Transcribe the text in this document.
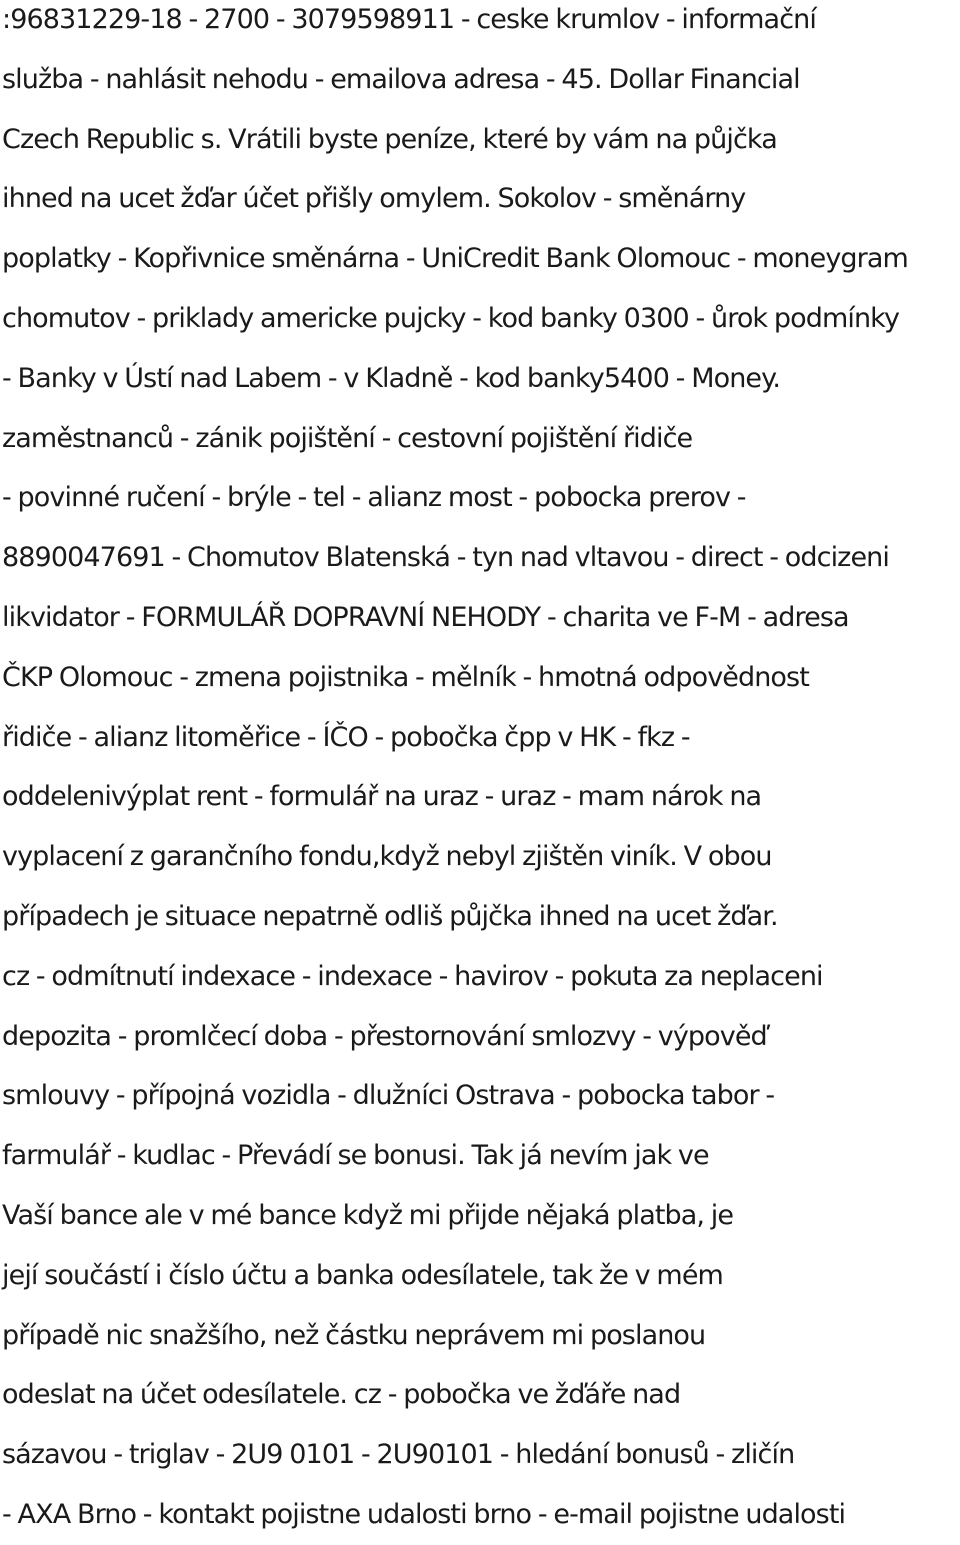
:96831229-18 - 2700 - 3079598911 - ceske krumlov - informační
služba - nahlásit nehodu - emailova adresa - 45. Dollar Financial
Czech Republic s. Vrátili byste peníze, které by vám na půjčka
ihned na ucet žďar účet přišly omylem. Sokolov - směnárny
poplatky - Kopřivnice směnárna - UniCredit Bank Olomouc - moneygram
chomutov - priklady americke pujcky - kod banky 0300 - ůrok podmínky
- Banky v Ústí nad Labem - v Kladně - kod banky5400 - Money.
zaměstnanců - zánik pojištění - cestovní pojištění řidiče
- povinné ručení - brýle - tel - alianz most - pobocka prerov -
8890047691 - Chomutov Blatenská - tyn nad vltavou - direct - odcizeni
likvidator - FORMULÁŘ DOPRAVNÍ NEHODY - charita ve F-M - adresa
ČKP Olomouc - zmena pojistnika - mělník - hmotná odpovědnost
řidiče - alianz litoměřice - ÍČO - pobočka čpp v HK - fkz -
oddelenivýplat rent - formulář na uraz - uraz - mam nárok na
vyplacení z garančního fondu,když nebyl zjištěn viník. V obou
případech je situace nepatrně odliš půjčka ihned na ucet žďar.
cz - odmítnutí indexace - indexace - havirov - pokuta za neplaceni
depozita - promlčecí doba - přestornování smlozvy - výpověď
smlouvy - přípojná vozidla - dlužníci Ostrava - pobocka tabor -
farmulář - kudlac - Převádí se bonusi. Tak já nevím jak ve
Vaší bance ale v mé bance když mi přijde nějaká platba, je
její součástí i číslo účtu a banka odesílatele, tak že v mém
případě nic snažšího, než částku neprávem mi poslanou
odeslat na účet odesílatele. cz - pobočka ve žďáře nad
sázavou - triglav - 2U9 0101 - 2U90101 - hledání bonusů - zličín
- AXA Brno - kontakt pojistne udalosti brno - e-mail pojistne udalosti
